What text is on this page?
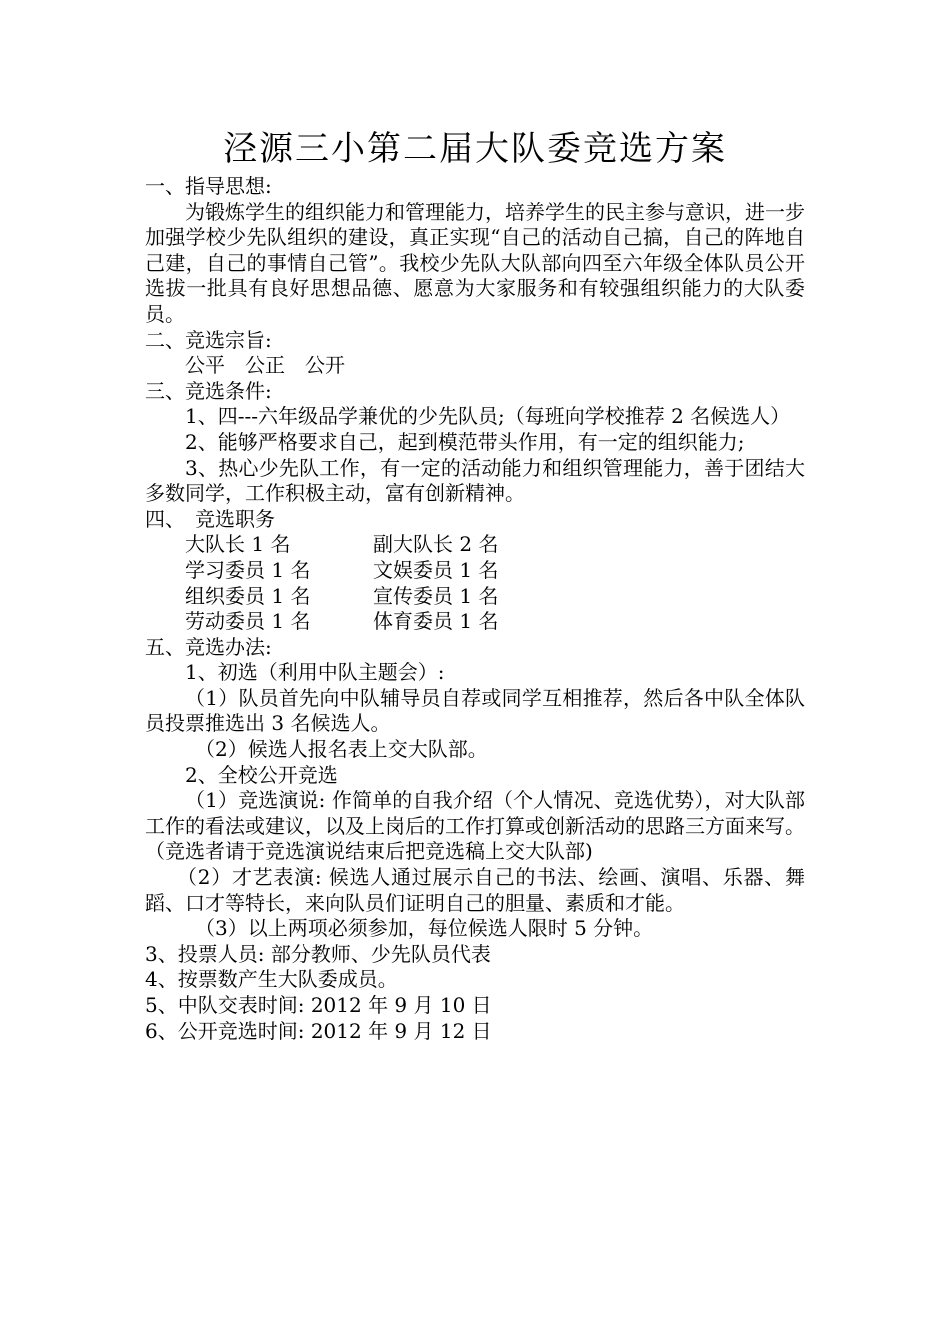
泾源三小第二届大队委竞选方案

一、指导思想:

为锻炼学生的组织能力和管理能力，培养学生的民主参与意识，进一步加强学校少先队组织的建设，真正实现“自己的活动自己搞，自己的阵地自己建，自己的事情自己管”。我校少先队大队部向四至六年级全体队员公开选拔一批具有良好思想品德、愿意为大家服务和有较强组织能力的大队委员。

二、竞选宗旨:

公平　公正　公开

三、竞选条件:

1、四---六年级品学兼优的少先队员;（每班向学校推荐 2 名候选人）

2、能够严格要求自己，起到模范带头作用，有一定的组织能力;

3、热心少先队工作，有一定的活动能力和组织管理能力，善于团结大多数同学，工作积极主动，富有创新精神。

四、　竞选职务

大队长 1 名	副大队长 2 名
学习委员 1 名	文娱委员 1 名
组织委员 1 名	宣传委员 1 名
劳动委员 1 名	体育委员 1 名

五、竞选办法:

1、初选（利用中队主题会）:

（1）队员首先向中队辅导员自荐或同学互相推荐，然后各中队全体队员投票推选出 3 名候选人。

（2）候选人报名表上交大队部。

2、全校公开竞选

（1）竞选演说: 作简单的自我介绍（个人情况、竞选优势），对大队部工作的看法或建议，以及上岗后的工作打算或创新活动的思路三方面来写。（竞选者请于竞选演说结束后把竞选稿上交大队部)

（2）才艺表演: 候选人通过展示自己的书法、绘画、演唱、乐器、舞蹈、口才等特长，来向队员们证明自己的胆量、素质和才能。

（3）以上两项必须参加，每位候选人限时 5 分钟。

3、投票人员: 部分教师、少先队员代表

4、按票数产生大队委成员。

5、中队交表时间: 2012 年 9 月 10 日

6、公开竞选时间: 2012 年 9 月 12 日
